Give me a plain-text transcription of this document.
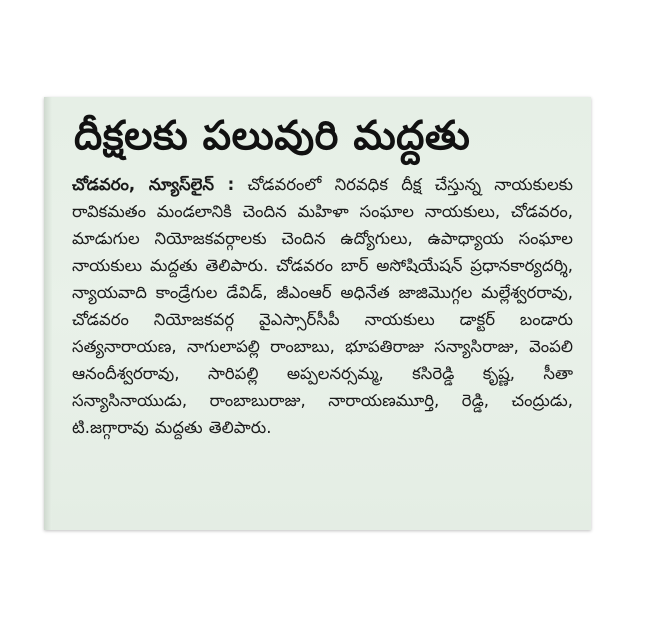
దీక్షలకు పలువురి మద్దతు

చోడవరం, న్యూస్‌లైన్ : చోడవరంలో నిరవధిక దీక్ష చేస్తున్న నాయకులకు రావికమతం మండలానికి చెందిన మహిళా సంఘాల నాయకులు, చోడవరం, మాడుగుల నియోజకవర్గాలకు చెందిన ఉద్యోగులు, ఉపాధ్యాయ సంఘాల నాయకులు మద్దతు తెలిపారు. చోడవరం బార్ అసోషియేషన్ ప్రధానకార్యదర్శి, న్యాయవాది కాండ్రేగుల డేవిడ్, జీఎంఆర్ అధినేత జాజిమొగ్గల మల్లేశ్వరరావు, చోడవరం నియోజకవర్గ వైఎస్సార్‌సీపీ నాయకులు డాక్టర్ బండారు సత్యనారాయణ, నాగులాపల్లి రాంబాబు, భూపతిరాజు సన్యాసిరాజు, వెంపలి ఆనందీశ్వరరావు, సారిపల్లి అప్పలనర్సమ్మ, కసిరెడ్డి కృష్ణ, సీతా సన్యాసినాయుడు, రాంబాబురాజు, నారాయణమూర్తి, రెడ్డి, చంద్రుడు, టి.జగ్గారావు మద్దతు తెలిపారు.
